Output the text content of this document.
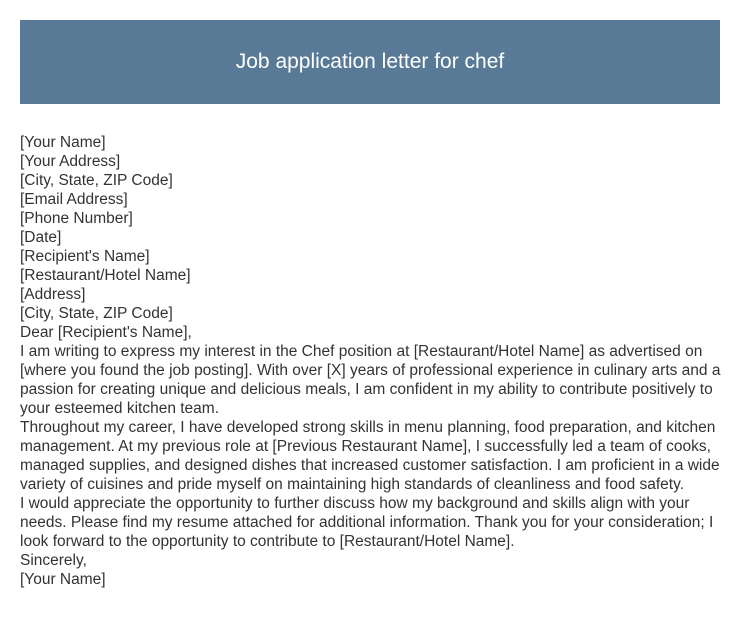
Job application letter for chef
[Your Name]
[Your Address]
[City, State, ZIP Code]
[Email Address]
[Phone Number]
[Date]
[Recipient's Name]
[Restaurant/Hotel Name]
[Address]
[City, State, ZIP Code]
Dear [Recipient's Name],
I am writing to express my interest in the Chef position at [Restaurant/Hotel Name] as advertised on [where you found the job posting]. With over [X] years of professional experience in culinary arts and a passion for creating unique and delicious meals, I am confident in my ability to contribute positively to your esteemed kitchen team.
Throughout my career, I have developed strong skills in menu planning, food preparation, and kitchen management. At my previous role at [Previous Restaurant Name], I successfully led a team of cooks, managed supplies, and designed dishes that increased customer satisfaction. I am proficient in a wide variety of cuisines and pride myself on maintaining high standards of cleanliness and food safety.
I would appreciate the opportunity to further discuss how my background and skills align with your needs. Please find my resume attached for additional information. Thank you for your consideration; I look forward to the opportunity to contribute to [Restaurant/Hotel Name].
Sincerely,
[Your Name]
